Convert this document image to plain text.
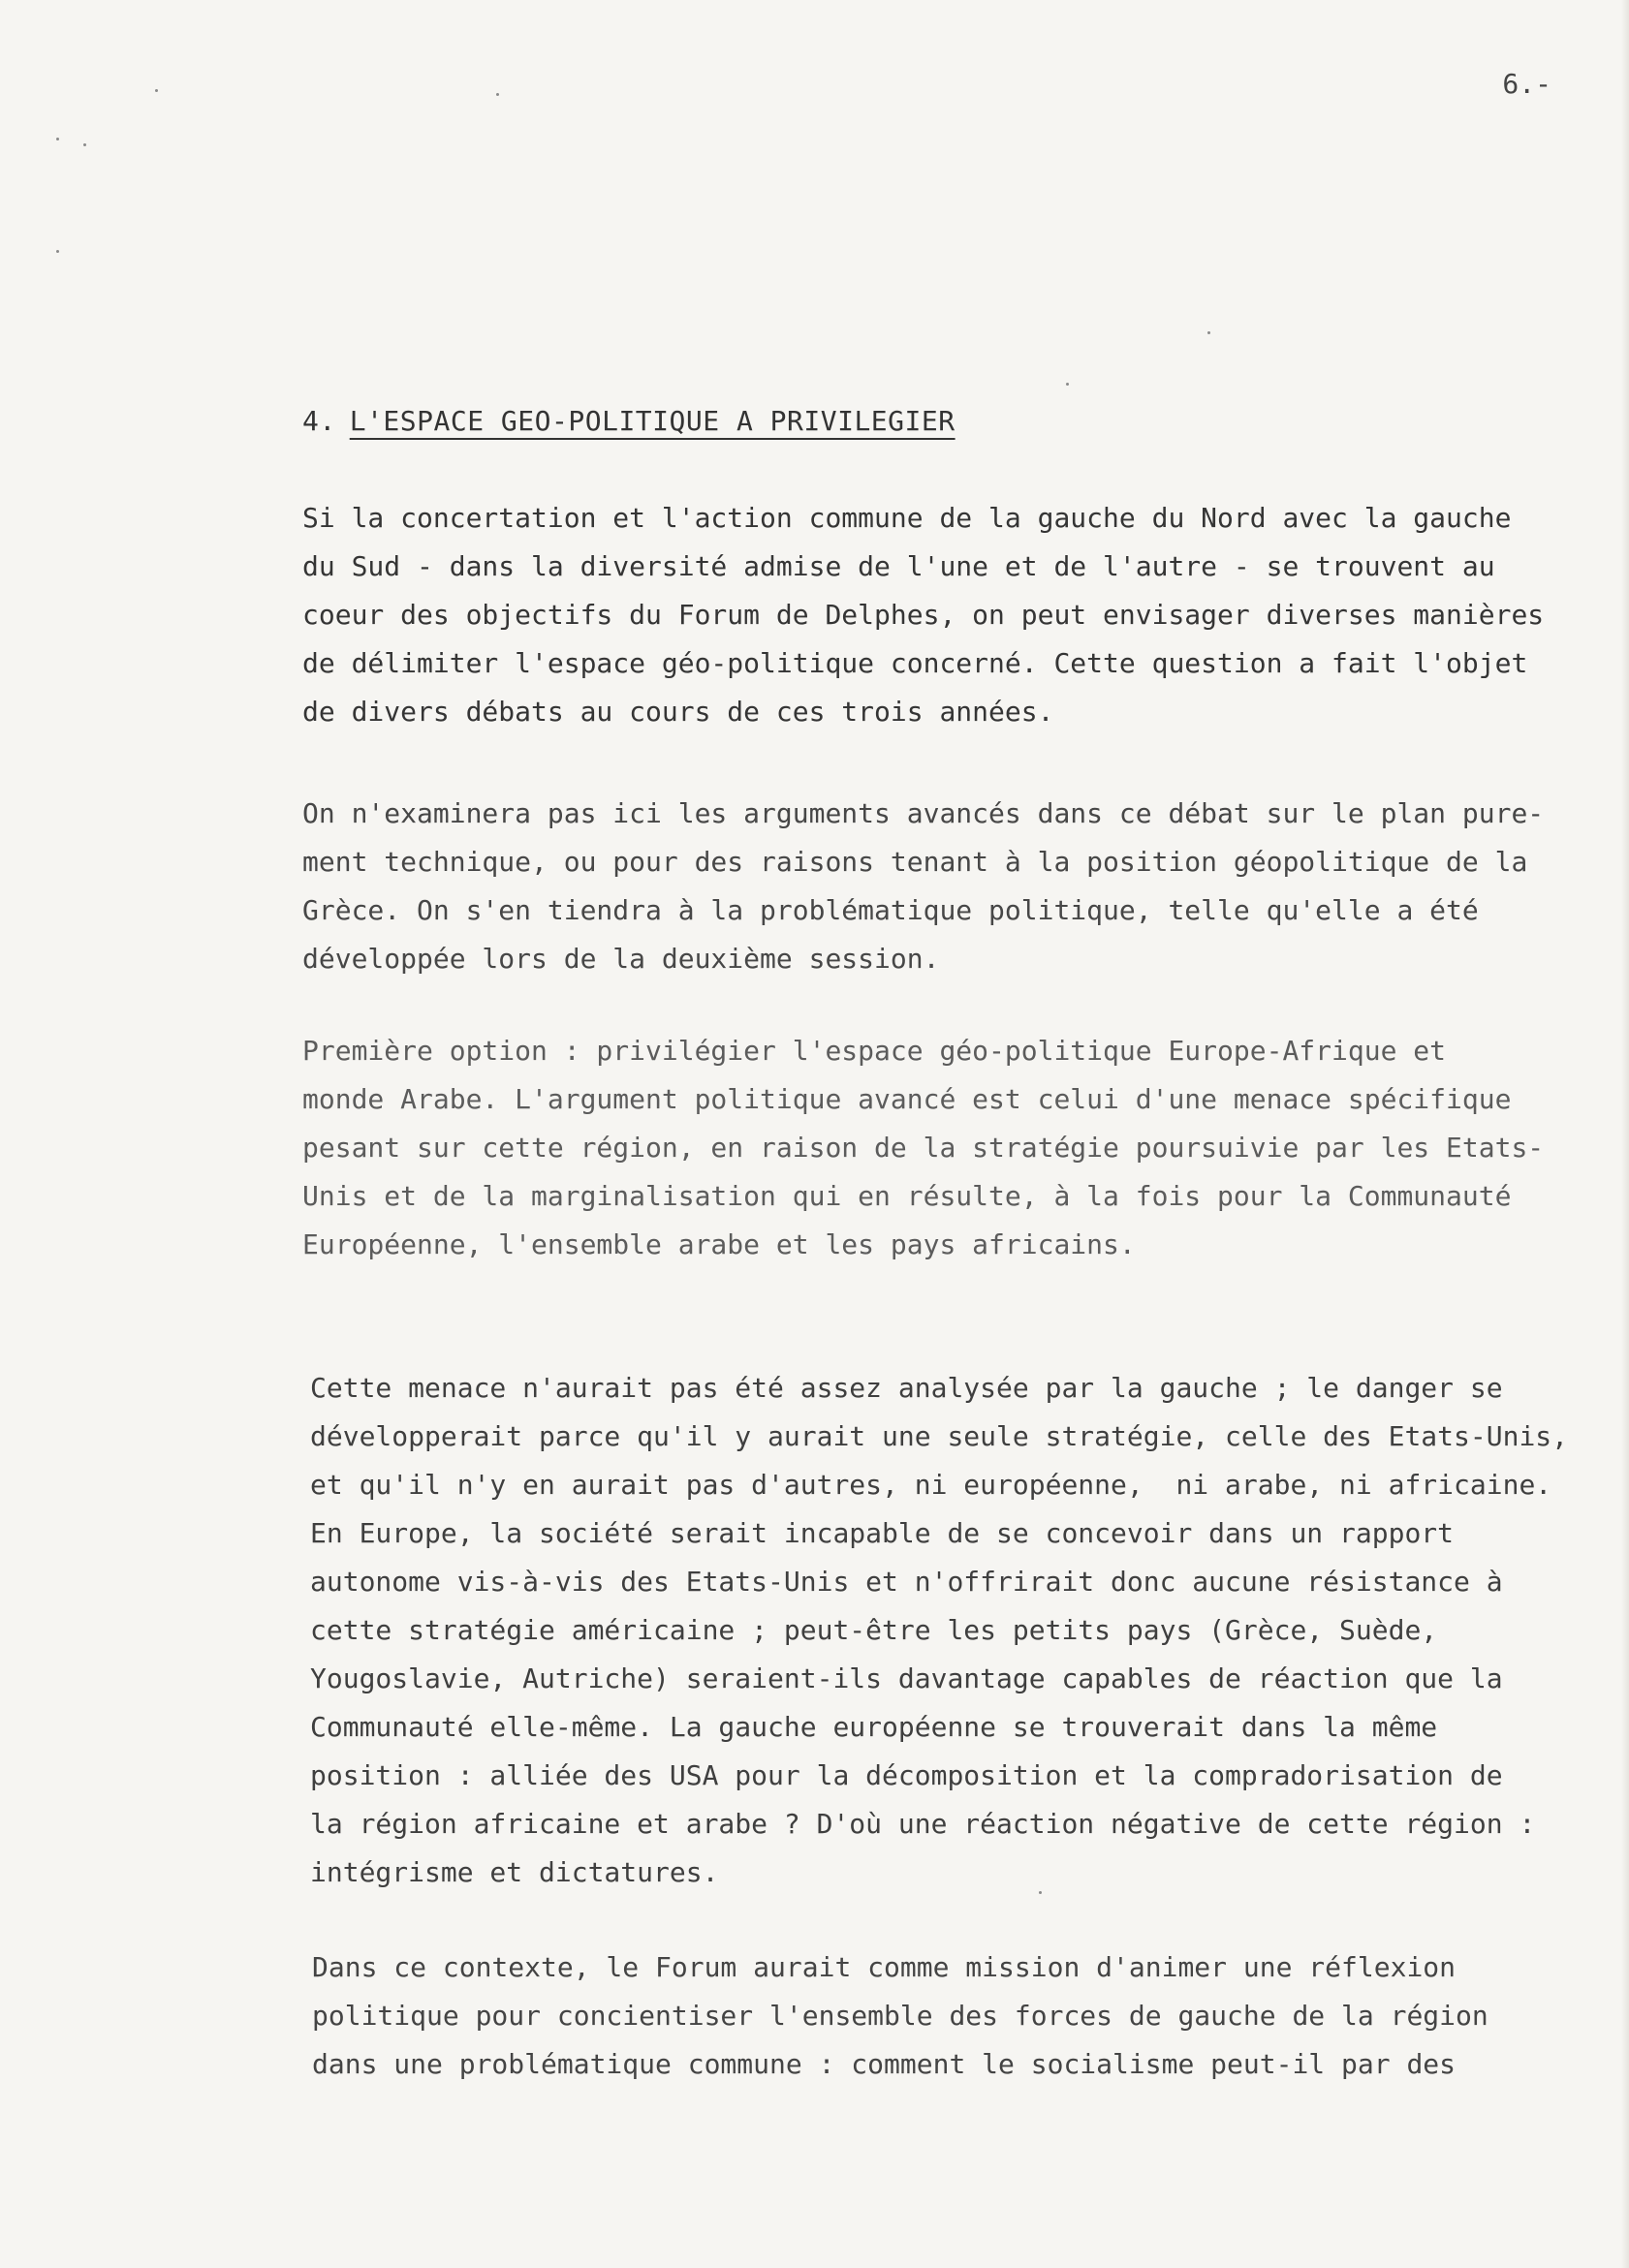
6.-
4. L'ESPACE GEO-POLITIQUE A PRIVILEGIER

Si la concertation et l'action commune de la gauche du Nord avec la gauche
du Sud - dans la diversité admise de l'une et de l'autre - se trouvent au
coeur des objectifs du Forum de Delphes, on peut envisager diverses manières
de délimiter l'espace géo-politique concerné. Cette question a fait l'objet
de divers débats au cours de ces trois années.

On n'examinera pas ici les arguments avancés dans ce débat sur le plan pure-
ment technique, ou pour des raisons tenant à la position géopolitique de la
Grèce. On s'en tiendra à la problématique politique, telle qu'elle a été
développée lors de la deuxième session.

Première option : privilégier l'espace géo-politique Europe-Afrique et
monde Arabe. L'argument politique avancé est celui d'une menace spécifique
pesant sur cette région, en raison de la stratégie poursuivie par les Etats-
Unis et de la marginalisation qui en résulte, à la fois pour la Communauté
Européenne, l'ensemble arabe et les pays africains.

Cette menace n'aurait pas été assez analysée par la gauche ; le danger se
développerait parce qu'il y aurait une seule stratégie, celle des Etats-Unis,
et qu'il n'y en aurait pas d'autres, ni européenne,  ni arabe, ni africaine.
En Europe, la société serait incapable de se concevoir dans un rapport
autonome vis-à-vis des Etats-Unis et n'offrirait donc aucune résistance à
cette stratégie américaine ; peut-être les petits pays (Grèce, Suède,
Yougoslavie, Autriche) seraient-ils davantage capables de réaction que la
Communauté elle-même. La gauche européenne se trouverait dans la même
position : alliée des USA pour la décomposition et la compradorisation de
la région africaine et arabe ? D'où une réaction négative de cette région :
intégrisme et dictatures.

Dans ce contexte, le Forum aurait comme mission d'animer une réflexion
politique pour concientiser l'ensemble des forces de gauche de la région
dans une problématique commune : comment le socialisme peut-il par des
